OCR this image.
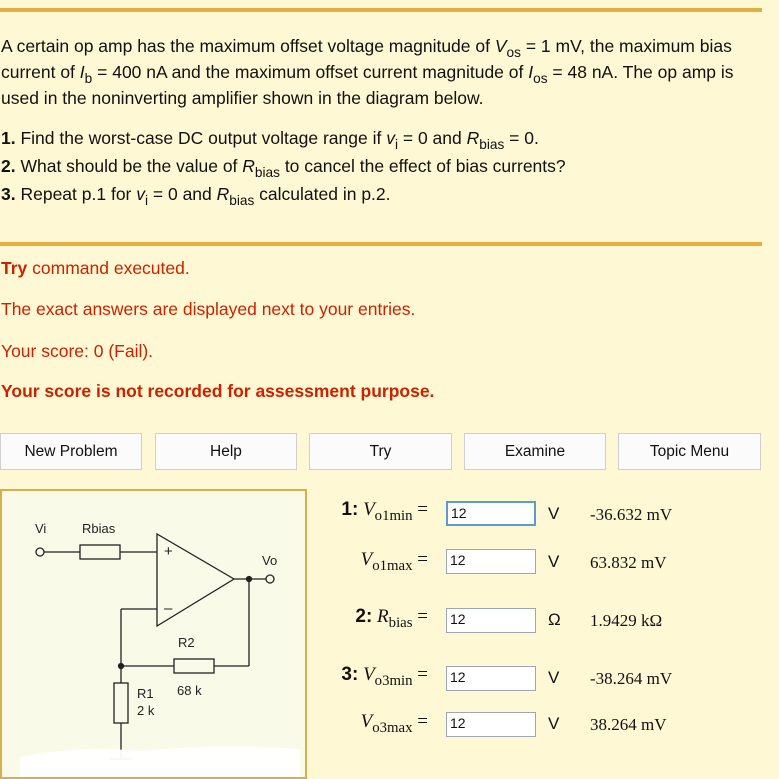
A certain op amp has the maximum offset voltage magnitude of $V_{os} = 1$ mV, the maximum bias current of $I_b = 400$ nA and the maximum offset current magnitude of $I_{os} = 48$ nA. The op amp is used in the noninverting amplifier shown in the diagram below.

1. Find the worst-case DC output voltage range if $v_i = 0$ and $R_{bias} = 0$.
2. What should be the value of $R_{bias}$ to cancel the effect of bias currents?
3. Repeat p.1 for $v_i = 0$ and $R_{bias}$ calculated in p.2.
Try command executed.
The exact answers are displayed next to your entries.
Your score: 0 (Fail).
Your score is not recorded for assessment purpose.
New Problem	Help	Try	Examine	Topic Menu
Vi	Rbias
+
–
Vo
R2
68 k
R1
2 k
1: $V_{o1min}$ =	12	V -36.632 mV
$V_{o1max} = 12$	V 63.832 mV
2: $R_{bias} = 12$	Ω 1.9429 kΩ
3: $V_{o3min} = 12$	V -38.264 mV
$V_{o3max} = 12$	V 38.264 mV
